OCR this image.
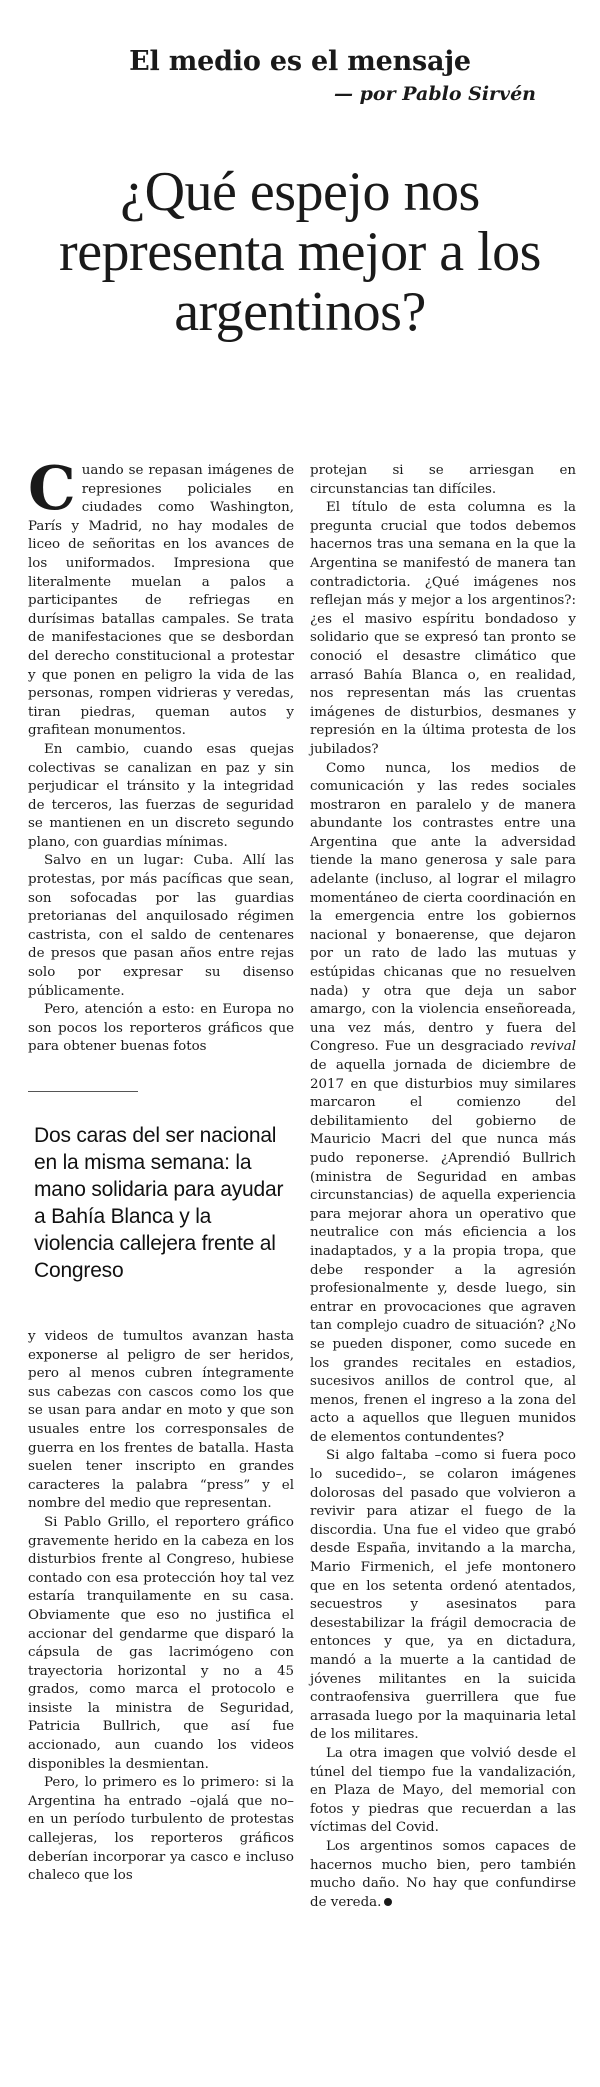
El medio es el mensaje
— por Pablo Sirvén
¿Qué espejo nos representa mejor a los argentinos?

Cuando se repasan imágenes de represiones policiales en ciudades como Washington, París y Madrid, no hay modales de liceo de señoritas en los avances de los uniformados. Impresiona que literalmente muelan a palos a participantes de refriegas en durísimas batallas campales. Se trata de manifestaciones que se desbordan del derecho constitucional a protestar y que ponen en peligro la vida de las personas, rompen vidrieras y veredas, tiran piedras, queman autos y grafitean monumentos.

En cambio, cuando esas quejas colectivas se canalizan en paz y sin perjudicar el tránsito y la integridad de terceros, las fuerzas de seguridad se mantienen en un discreto segundo plano, con guardias mínimas.

Salvo en un lugar: Cuba. Allí las protestas, por más pacíficas que sean, son sofocadas por las guardias pretorianas del anquilosado régimen castrista, con el saldo de centenares de presos que pasan años entre rejas solo por expresar su disenso públicamente.

Pero, atención a esto: en Europa no son pocos los reporteros gráficos que para obtener buenas fotos

Dos caras del ser nacional en la misma semana: la mano solidaria para ayudar a Bahía Blanca y la violencia callejera frente al Congreso

y videos de tumultos avanzan hasta exponerse al peligro de ser heridos, pero al menos cubren íntegramente sus cabezas con cascos como los que se usan para andar en moto y que son usuales entre los corresponsales de guerra en los frentes de batalla. Hasta suelen tener inscripto en grandes caracteres la palabra “press” y el nombre del medio que representan.

Si Pablo Grillo, el reportero gráfico gravemente herido en la cabeza en los disturbios frente al Congreso, hubiese contado con esa protección hoy tal vez estaría tranquilamente en su casa. Obviamente que eso no justifica el accionar del gendarme que disparó la cápsula de gas lacrimógeno con trayectoria horizontal y no a 45 grados, como marca el protocolo e insiste la ministra de Seguridad, Patricia Bullrich, que así fue accionado, aun cuando los videos disponibles la desmientan.

Pero, lo primero es lo primero: si la Argentina ha entrado –ojalá que no– en un período turbulento de protestas callejeras, los reporteros gráficos deberían incorporar ya casco e incluso chaleco que los

protejan si se arriesgan en circunstancias tan difíciles.

El título de esta columna es la pregunta crucial que todos debemos hacernos tras una semana en la que la Argentina se manifestó de manera tan contradictoria. ¿Qué imágenes nos reflejan más y mejor a los argentinos?: ¿es el masivo espíritu bondadoso y solidario que se expresó tan pronto se conoció el desastre climático que arrasó Bahía Blanca o, en realidad, nos representan más las cruentas imágenes de disturbios, desmanes y represión en la última protesta de los jubilados?

Como nunca, los medios de comunicación y las redes sociales mostraron en paralelo y de manera abundante los contrastes entre una Argentina que ante la adversidad tiende la mano generosa y sale para adelante (incluso, al lograr el milagro momentáneo de cierta coordinación en la emergencia entre los gobiernos nacional y bonaerense, que dejaron por un rato de lado las mutuas y estúpidas chicanas que no resuelven nada) y otra que deja un sabor amargo, con la violencia enseñoreada, una vez más, dentro y fuera del Congreso. Fue un desgraciado revival de aquella jornada de diciembre de 2017 en que disturbios muy similares marcaron el comienzo del debilitamiento del gobierno de Mauricio Macri del que nunca más pudo reponerse. ¿Aprendió Bullrich (ministra de Seguridad en ambas circunstancias) de aquella experiencia para mejorar ahora un operativo que neutralice con más eficiencia a los inadaptados, y a la propia tropa, que debe responder a la agresión profesionalmente y, desde luego, sin entrar en provocaciones que agraven tan complejo cuadro de situación? ¿No se pueden disponer, como sucede en los grandes recitales en estadios, sucesivos anillos de control que, al menos, frenen el ingreso a la zona del acto a aquellos que lleguen munidos de elementos contundentes?

Si algo faltaba –como si fuera poco lo sucedido–, se colaron imágenes dolorosas del pasado que volvieron a revivir para atizar el fuego de la discordia. Una fue el video que grabó desde España, invitando a la marcha, Mario Firmenich, el jefe montonero que en los setenta ordenó atentados, secuestros y asesinatos para desestabilizar la frágil democracia de entonces y que, ya en dictadura, mandó a la muerte a la cantidad de jóvenes militantes en la suicida contraofensiva guerrillera que fue arrasada luego por la maquinaria letal de los militares.

La otra imagen que volvió desde el túnel del tiempo fue la vandalización, en Plaza de Mayo, del memorial con fotos y piedras que recuerdan a las víctimas del Covid.

Los argentinos somos capaces de hacernos mucho bien, pero también mucho daño. No hay que confundirse de vereda.
